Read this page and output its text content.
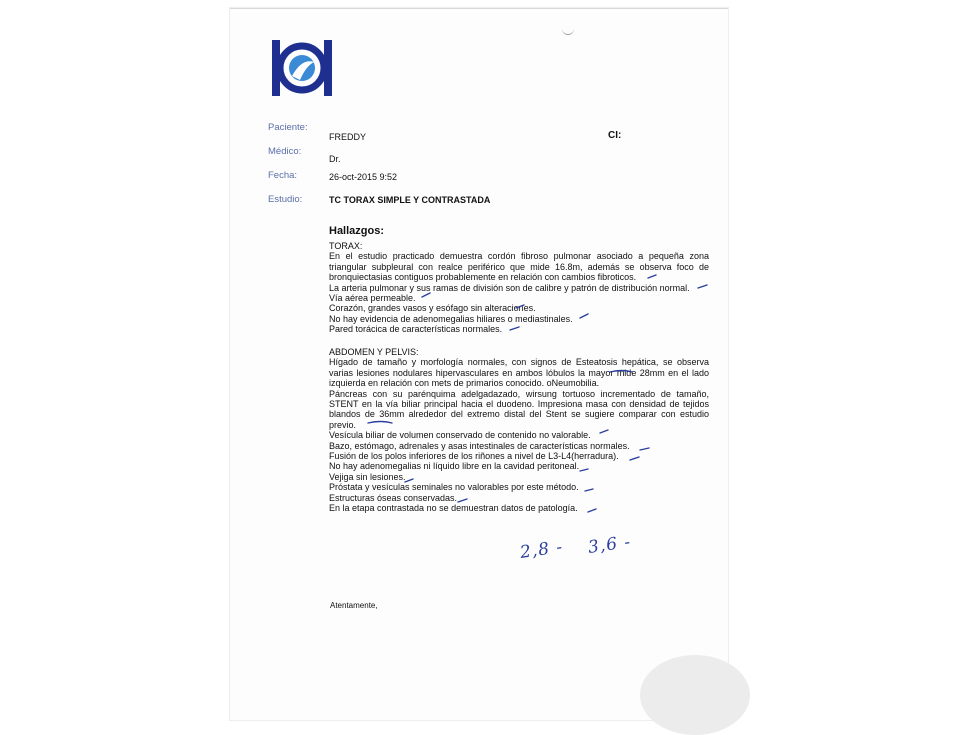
Paciente:
Médico:
Fecha:
Estudio:
FREDDY	CI:
Dr.
26-oct-2015 9:52
TC TORAX SIMPLE Y CONTRASTADA
Hallazgos:

TORAX:

En el estudio practicado demuestra cordón fibroso pulmonar asociado a pequeña zona triangular subpleural con realce periférico que mide 16.8m, además se observa foco de bronquiectasias contiguos probablemente en relación con cambios fibroticos.

La arteria pulmonar y sus ramas de división son de calibre y patrón de distribución normal.

Vía aérea permeable.

Corazón, grandes vasos y esófago sin alteraciones.

No hay evidencia de adenomegalias hiliares o mediastinales.

Pared torácica de características normales.

ABDOMEN Y PELVIS:

Hígado de tamaño y morfología normales, con signos de Esteatosis hepática, se observa varias lesiones nodulares hipervasculares en ambos lóbulos la mayor mide 28mm en el lado izquierda en relación con mets de primarios conocido. oNeumobilia.

Páncreas con su parénquima adelgadazado, wirsung tortuoso incrementado de tamaño, STENT en la vía biliar principal hacia el duodeno. Impresiona masa con densidad de tejidos blandos de 36mm alrededor del extremo distal del Stent se sugiere comparar con estudio previo.

Vesícula biliar de volumen conservado de contenido no valorable.

Bazo, estómago, adrenales y asas intestinales de características normales.

Fusión de los polos inferiores de los riñones a nivel de L3-L4(herradura).

No hay adenomegalias ni líquido libre en la cavidad peritoneal.

Vejiga sin lesiones.

Próstata y vesículas seminales no valorables por este método.

Estructuras óseas conservadas.

En la etapa contrastada no se demuestran datos de patología.

2,8 - 3,6 -
Atentamente,
